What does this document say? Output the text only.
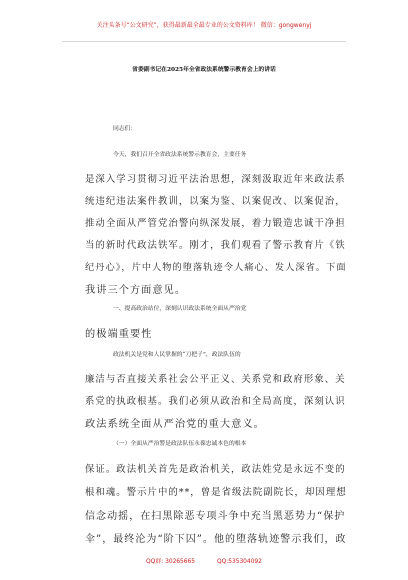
关注头条号“公文研究”，获得最新最全最专业的公文资料库！ 微信：gongwenyj
省委副书记在2025年全省政法系统警示教育会上的讲话
同志们：
今天，我们召开全省政法系统警示教育会，主要任务
是深入学习贯彻习近平法治思想，深刻汲取近年来政法系
统违纪违法案件教训，以案为鉴、以案促改、以案促治，
推动全面从严管党治警向纵深发展，着力锻造忠诚干净担
当的新时代政法铁军。刚才，我们观看了警示教育片《铁
纪丹心》，片中人物的堕落轨迹令人痛心、发人深省。下面
我讲三个方面意见。
一、提高政治站位，深刻认识政法系统全面从严治党
的极端重要性
政法机关是党和人民掌握的“刀把子”，政法队伍的
廉洁与否直接关系社会公平正义、关系党和政府形象、关
系党的执政根基。我们必须从政治和全局高度，深刻认识
政法系统全面从严治党的重大意义。
（一）全面从严治警是政法队伍永葆忠诚本色的根本
保证。政法机关首先是政治机关，政法姓党是永远不变的
根和魂。警示片中的**，曾是省级法院副院长，却因理想
信念动摇，在扫黑除恶专项斗争中充当黑恶势力“保护
伞”，最终沦为“阶下囚”。他的堕落轨迹警示我们，政
QQ群: 30265665	QQ:535304092
